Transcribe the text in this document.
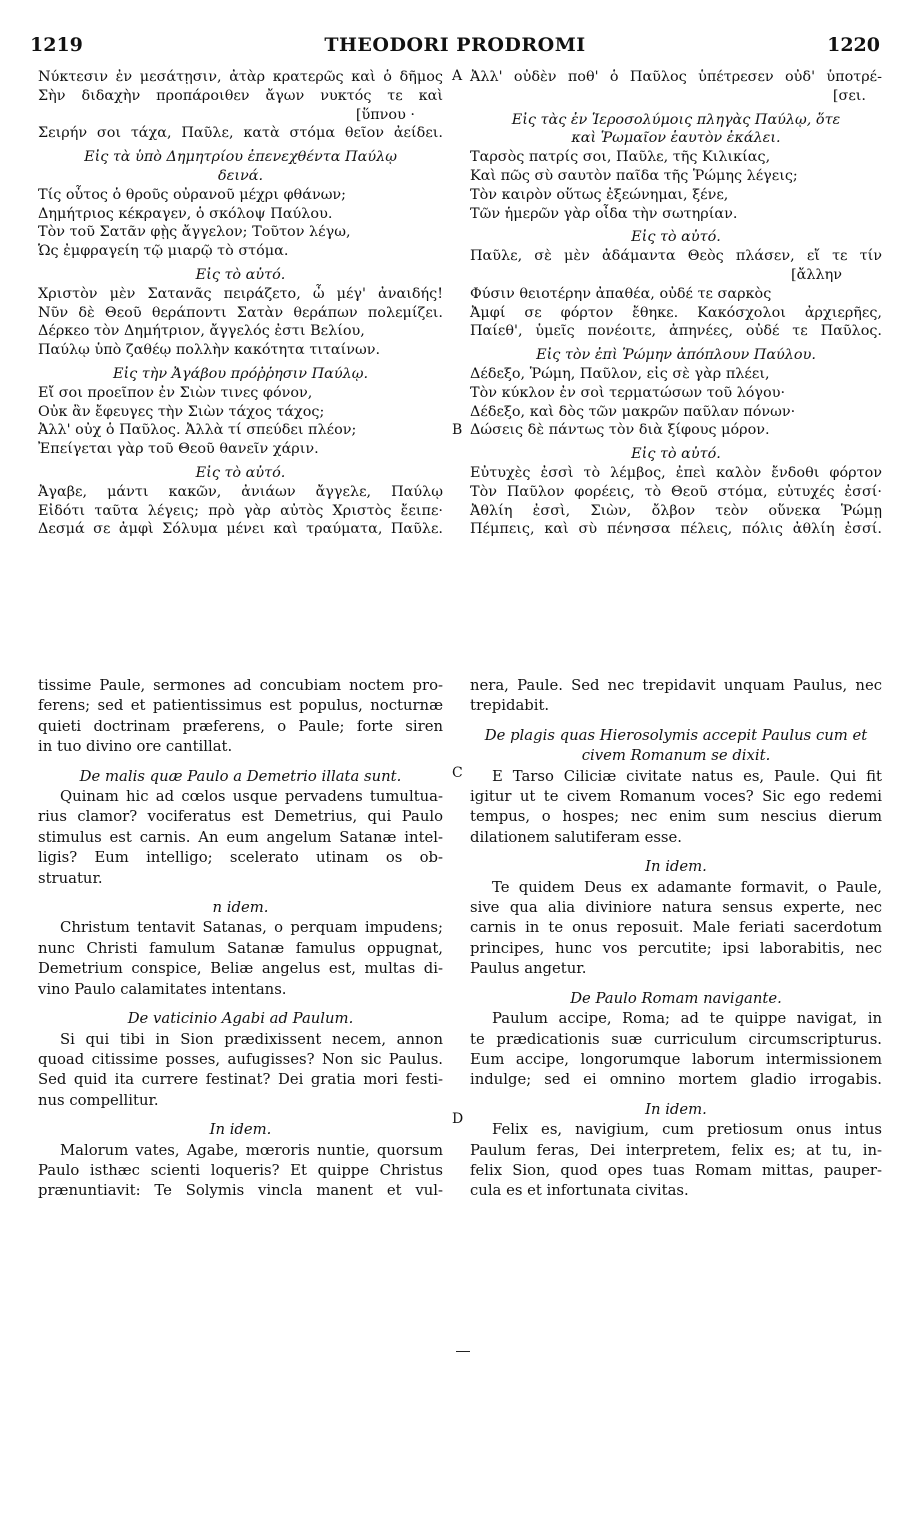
1219	THEODORI PRODROMI	1220
A
B
C
D
Νύκτεσιν ἐν μεσάτῃσιν, ἀτὰρ κρατερῶς καὶ ὁ δῆμος
Σὴν διδαχὴν προπάροιθεν ἄγων νυκτός τε καὶ
[ὕπνου ·
Σειρήν σοι τάχα, Παῦλε, κατὰ στόμα θεῖον ἀείδει.
Εἰς τὰ ὑπὸ Δημητρίου ἐπενεχθέντα Παύλῳ
δεινά.
Τίς οὗτος ὁ θροῦς οὐρανοῦ μέχρι φθάνων;
Δημήτριος κέκραγεν, ὁ σκόλοψ Παύλου.
Τὸν τοῦ Σατᾶν φῂς ἄγγελον; Τοῦτον λέγω,
Ὡς ἐμφραγείη τῷ μιαρῷ τὸ στόμα.
Εἰς τὸ αὐτό.
Χριστὸν μὲν Σατανᾶς πειράζετο, ὦ μέγ' ἀναιδής!
Νῦν δὲ Θεοῦ θεράποντι Σατὰν θεράπων πολεμίζει.
Δέρκεο τὸν Δημήτριον, ἄγγελός ἐστι Βελίου,
Παύλῳ ὑπὸ ζαθέῳ πολλὴν κακότητα τιταίνων.
Εἰς τὴν Ἀγάβου πρόῤῥησιν Παύλῳ.
Εἴ σοι προεῖπον ἐν Σιὼν τινες φόνον,
Οὐκ ἂν ἔφευγες τὴν Σιὼν τάχος τάχος;
Ἀλλ' οὐχ ὁ Παῦλος. Ἀλλὰ τί σπεύδει πλέον;
Ἐπείγεται γὰρ τοῦ Θεοῦ θανεῖν χάριν.
Εἰς τὸ αὐτό.
Ἀγαβε, μάντι κακῶν, ἀνιάων ἄγγελε, Παύλῳ
Εἰδότι ταῦτα λέγεις; πρὸ γὰρ αὐτὸς Χριστὸς ἔειπε·
Δεσμά σε ἀμφὶ Σόλυμα μένει καὶ τραύματα, Παῦλε.
tissime Paule, sermones ad concubiam noctem pro-
ferens; sed et patientissimus est populus, nocturnæ
quieti doctrinam præferens, o Paule; forte siren
in tuo divino ore cantillat.
De malis quæ Paulo a Demetrio illata sunt.
Quinam hic ad cœlos usque pervadens tumultua-
rius clamor? vociferatus est Demetrius, qui Paulo
stimulus est carnis. An eum angelum Satanæ intel-
ligis? Eum intelligo; scelerato utinam os ob-
struatur.
n idem.
Christum tentavit Satanas, o perquam impudens;
nunc Christi famulum Satanæ famulus oppugnat,
Demetrium conspice, Beliæ angelus est, multas di-
vino Paulo calamitates intentans.
De vaticinio Agabi ad Paulum.
Si qui tibi in Sion prædixissent necem, annon
quoad citissime posses, aufugisses? Non sic Paulus.
Sed quid ita currere festinat? Dei gratia mori festi-
nus compellitur.
In idem.
Malorum vates, Agabe, mœroris nuntie, quorsum
Paulo isthæc scienti loqueris? Et quippe Christus
prænuntiavit: Te Solymis vincla manent et vul-
Ἀλλ' οὐδὲν ποθ' ὁ Παῦλος ὑπέτρεσεν οὐδ' ὑποτρέ-
[σει.
Εἰς τὰς ἐν Ἱεροσολύμοις πληγὰς Παύλῳ, ὅτε
καὶ Ῥωμαῖον ἑαυτὸν ἐκάλει.
Ταρσὸς πατρίς σοι, Παῦλε, τῆς Κιλικίας,
Καὶ πῶς σὺ σαυτὸν παῖδα τῆς Ῥώμης λέγεις;
Τὸν καιρὸν οὕτως ἐξεώνημαι, ξένε,
Τῶν ἡμερῶν γὰρ οἶδα τὴν σωτηρίαν.
Εἰς τὸ αὐτό.
Παῦλε, σὲ μὲν ἀδάμαντα Θεὸς πλάσεν, εἴ τε τίν
[ἄλλην
Φύσιν θειοτέρην ἀπαθέα, οὐδέ τε σαρκὸς
Ἀμφί σε φόρτον ἔθηκε. Κακόσχολοι ἀρχιερῆες,
Παίεθ', ὑμεῖς πονέοιτε, ἀπηνέες, οὐδέ τε Παῦλος.
Εἰς τὸν ἐπὶ Ῥώμην ἀπόπλουν Παύλου.
Δέδεξο, Ῥώμη, Παῦλον, εἰς σὲ γὰρ πλέει,
Τὸν κύκλον ἐν σοὶ τερματώσων τοῦ λόγου·
Δέδεξο, καὶ δὸς τῶν μακρῶν παῦλαν πόνων·
Δώσεις δὲ πάντως τὸν διὰ ξίφους μόρον.
Εἰς τὸ αὐτό.
Εὐτυχὲς ἐσσὶ τὸ λέμβος, ἐπεὶ καλὸν ἔνδοθι φόρτον
Τὸν Παῦλον φορέεις, τὸ Θεοῦ στόμα, εὐτυχές ἐσσί·
Ἀθλίη ἐσσὶ, Σιὼν, ὄλβον τεὸν οὕνεκα Ῥώμῃ
Πέμπεις, καὶ σὺ πένησσα πέλεις, πόλις ἀθλίη ἐσσί.
nera, Paule. Sed nec trepidavit unquam Paulus, nec
trepidabit.
De plagis quas Hierosolymis accepit Paulus cum et
civem Romanum se dixit.
E Tarso Ciliciæ civitate natus es, Paule. Qui fit
igitur ut te civem Romanum voces? Sic ego redemi
tempus, o hospes; nec enim sum nescius dierum
dilationem salutiferam esse.
In idem.
Te quidem Deus ex adamante formavit, o Paule,
sive qua alia diviniore natura sensus experte, nec
carnis in te onus reposuit. Male feriati sacerdotum
principes, hunc vos percutite; ipsi laborabitis, nec
Paulus angetur.
De Paulo Romam navigante.
Paulum accipe, Roma; ad te quippe navigat, in
te prædicationis suæ curriculum circumscripturus.
Eum accipe, longorumque laborum intermissionem
indulge; sed ei omnino mortem gladio irrogabis.
In idem.
Felix es, navigium, cum pretiosum onus intus
Paulum feras, Dei interpretem, felix es; at tu, in-
felix Sion, quod opes tuas Romam mittas, pauper-
cula es et infortunata civitas.
